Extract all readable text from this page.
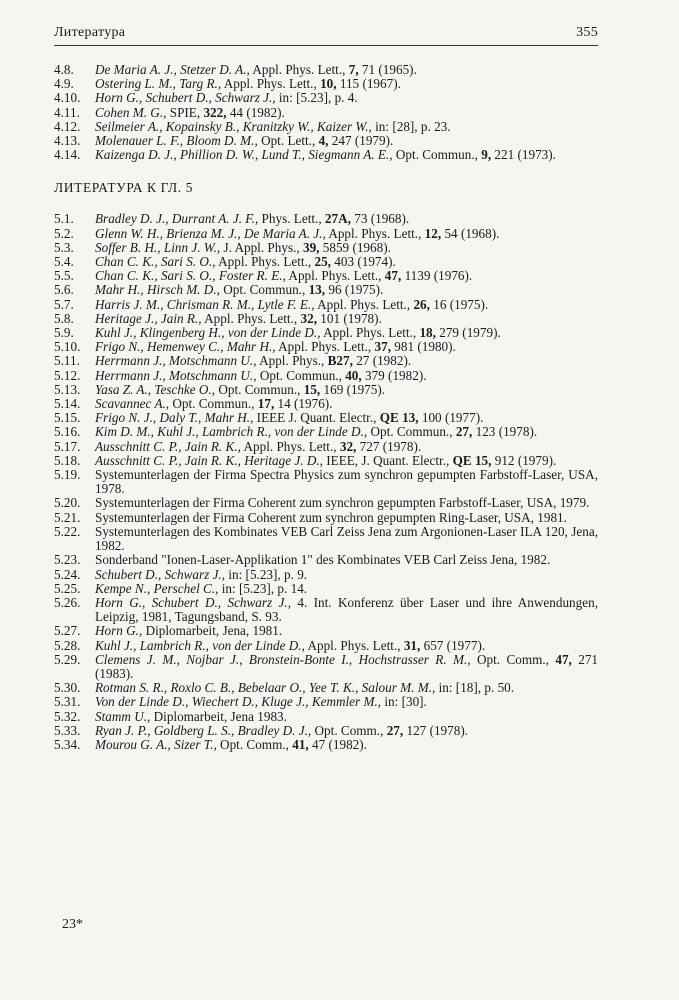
Литература	355
4.8.	De Maria A. J., Stetzer D. A., Appl. Phys. Lett., 7, 71 (1965).
4.9.	Ostering L. M., Targ R., Appl. Phys. Lett., 10, 115 (1967).
4.10.	Horn G., Schubert D., Schwarz J., in: [5.23], p. 4.
4.11.	Cohen M. G., SPIE, 322, 44 (1982).
4.12.	Seilmeier A., Kopainsky B., Kranitzky W., Kaizer W., in: [28], p. 23.
4.13.	Molenauer L. F., Bloom D. M., Opt. Lett., 4, 247 (1979).
4.14.	Kaizenga D. J., Phillion D. W., Lund T., Siegmann A. E., Opt. Commun., 9, 221 (1973).
ЛИТЕРАТУРА К ГЛ. 5
5.1.	Bradley D. J., Durrant A. J. F., Phys. Lett., 27A, 73 (1968).
5.2.	Glenn W. H., Brienza M. J., De Maria A. J., Appl. Phys. Lett., 12, 54 (1968).
5.3.	Soffer B. H., Linn J. W., J. Appl. Phys., 39, 5859 (1968).
5.4.	Chan C. K., Sari S. O., Appl. Phys. Lett., 25, 403 (1974).
5.5.	Chan C. K., Sari S. O., Foster R. E., Appl. Phys. Lett., 47, 1139 (1976).
5.6.	Mahr H., Hirsch M. D., Opt. Commun., 13, 96 (1975).
5.7.	Harris J. M., Chrisman R. M., Lytle F. E., Appl. Phys. Lett., 26, 16 (1975).
5.8.	Heritage J., Jain R., Appl. Phys. Lett., 32, 101 (1978).
5.9.	Kuhl J., Klingenberg H., von der Linde D., Appl. Phys. Lett., 18, 279 (1979).
5.10.	Frigo N., Hemenwey C., Mahr H., Appl. Phys. Lett., 37, 981 (1980).
5.11.	Herrmann J., Motschmann U., Appl. Phys., B27, 27 (1982).
5.12.	Herrmann J., Motschmann U., Opt. Commun., 40, 379 (1982).
5.13.	Yasa Z. A., Teschke O., Opt. Commun., 15, 169 (1975).
5.14.	Scavannec A., Opt. Commun., 17, 14 (1976).
5.15.	Frigo N. J., Daly T., Mahr H., IEEE J. Quant. Electr., QE 13, 100 (1977).
5.16.	Kim D. M., Kuhl J., Lambrich R., von der Linde D., Opt. Commun., 27, 123 (1978).
5.17.	Ausschnitt C. P., Jain R. K., Appl. Phys. Lett., 32, 727 (1978).
5.18.	Ausschnitt C. P., Jain R. K., Heritage J. D., IEEE, J. Quant. Electr., QE 15, 912 (1979).
5.19.	Systemunterlagen der Firma Spectra Physics zum synchron gepumpten Farbstoff-Laser, USA, 1978.
5.20.	Systemunterlagen der Firma Coherent zum synchron gepumpten Farbstoff-Laser, USA, 1979.
5.21.	Systemunterlagen der Firma Coherent zum synchron gepumpten Ring-Laser, USA, 1981.
5.22.	Systemunterlagen des Kombinates VEB Carl Zeiss Jena zum Argonionen-Laser ILA 120, Jena, 1982.
5.23.	Sonderband "Ionen-Laser-Applikation 1" des Kombinates VEB Carl Zeiss Jena, 1982.
5.24.	Schubert D., Schwarz J., in: [5.23], p. 9.
5.25.	Kempe N., Perschel C., in: [5.23], p. 14.
5.26.	Horn G., Schubert D., Schwarz J., 4. Int. Konferenz über Laser und ihre Anwendungen, Leipzig, 1981, Tagungsband, S. 93.
5.27.	Horn G., Diplomarbeit, Jena, 1981.
5.28.	Kuhl J., Lambrich R., von der Linde D., Appl. Phys. Lett., 31, 657 (1977).
5.29.	Clemens J. M., Nojbar J., Bronstein-Bonte I., Hochstrasser R. M., Opt. Comm., 47, 271 (1983).
5.30.	Rotman S. R., Roxlo C. B., Bebelaar O., Yee T. K., Salour M. M., in: [18], p. 50.
5.31.	Von der Linde D., Wiechert D., Kluge J., Kemmler M., in: [30].
5.32.	Stamm U., Diplomarbeit, Jena 1983.
5.33.	Ryan J. P., Goldberg L. S., Bradley D. J., Opt. Comm., 27, 127 (1978).
5.34.	Mourou G. A., Sizer T., Opt. Comm., 41, 47 (1982).
23*
